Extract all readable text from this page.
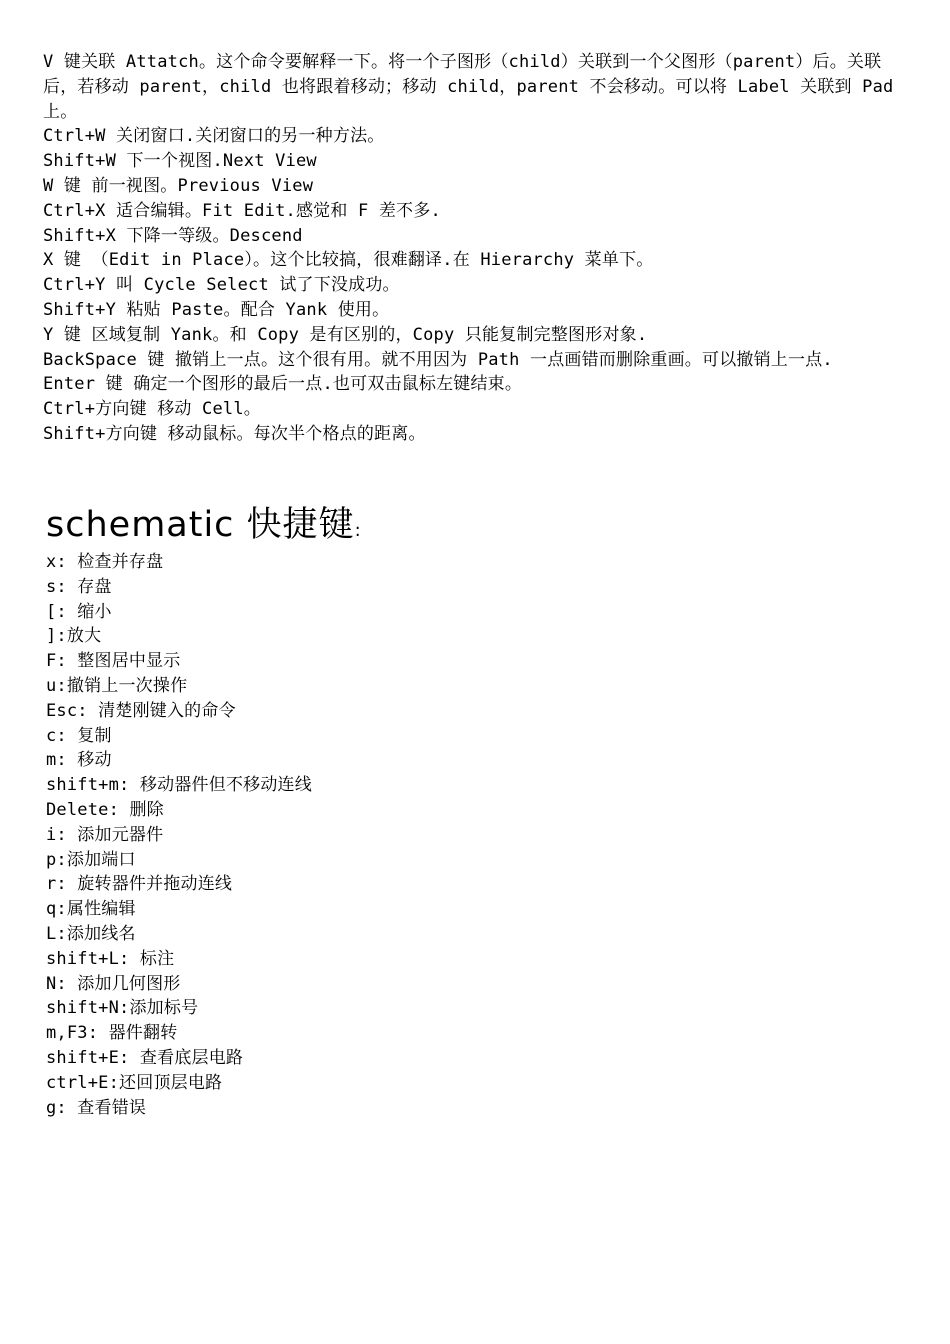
V 键关联 Attatch。这个命令要解释一下。将一个子图形（child）关联到一个父图形（parent）后。关联后，若移动 parent，child 也将跟着移动；移动 child，parent 不会移动。可以将 Label 关联到 Pad 上。
Ctrl+W 关闭窗口.关闭窗口的另一种方法。
Shift+W 下一个视图.Next View
W 键 前一视图。Previous View
Ctrl+X 适合编辑。Fit Edit.感觉和 F 差不多.
Shift+X 下降一等级。Descend
X 键 （Edit in Place）。这个比较搞，很难翻译.在 Hierarchy 菜单下。
Ctrl+Y 叫 Cycle Select 试了下没成功。
Shift+Y 粘贴 Paste。配合 Yank 使用。
Y 键 区域复制 Yank。和 Copy 是有区别的，Copy 只能复制完整图形对象.
BackSpace 键 撤销上一点。这个很有用。就不用因为 Path 一点画错而删除重画。可以撤销上一点.
Enter 键 确定一个图形的最后一点.也可双击鼠标左键结束。
Ctrl+方向键 移动 Cell。
Shift+方向键 移动鼠标。每次半个格点的距离。
schematic 快捷键:
x: 检查并存盘
s: 存盘
[: 缩小
]:放大
F: 整图居中显示
u:撤销上一次操作
Esc: 清楚刚键入的命令
c: 复制
m: 移动
shift+m: 移动器件但不移动连线
Delete: 删除
i: 添加元器件
p:添加端口
r: 旋转器件并拖动连线
q:属性编辑
L:添加线名
shift+L: 标注
N: 添加几何图形
shift+N:添加标号
m,F3: 器件翻转
shift+E: 查看底层电路
ctrl+E:还回顶层电路
g: 查看错误
